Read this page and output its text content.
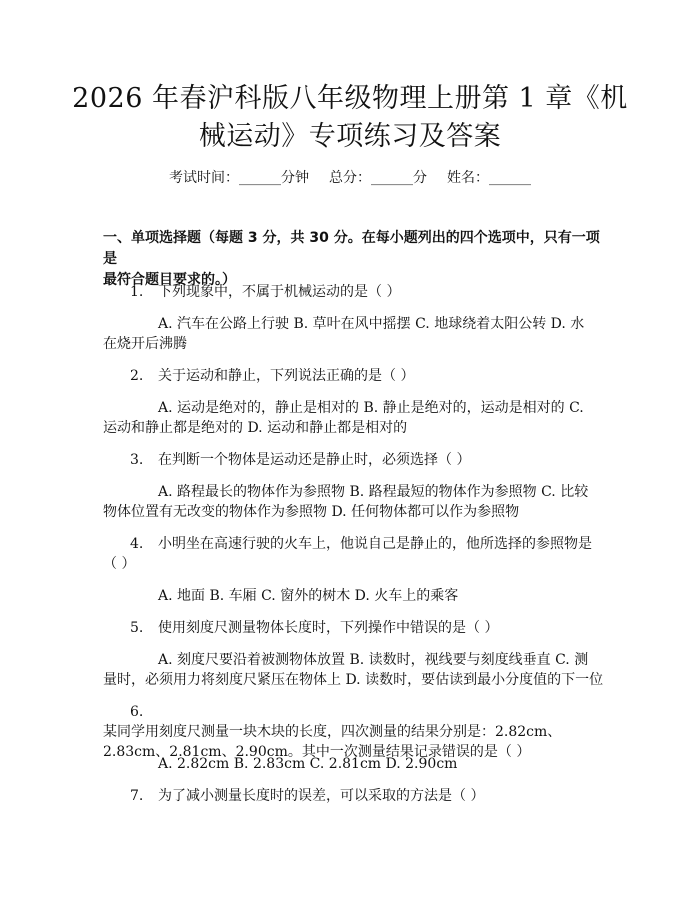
2026 年春沪科版八年级物理上册第 1 章《机
械运动》专项练习及答案
考试时间：______分钟 总分：______分 姓名：______
一、单项选择题（每题 3 分，共 30 分。在每小题列出的四个选项中，只有一项是
最符合题目要求的。）
1. 下列现象中，不属于机械运动的是（ ）
A. 汽车在公路上行驶 B. 草叶在风中摇摆 C. 地球绕着太阳公转 D. 水
在烧开后沸腾
2. 关于运动和静止，下列说法正确的是（ ）
A. 运动是绝对的，静止是相对的 B. 静止是绝对的，运动是相对的 C.
运动和静止都是绝对的 D. 运动和静止都是相对的
3. 在判断一个物体是运动还是静止时，必须选择（ ）
A. 路程最长的物体作为参照物 B. 路程最短的物体作为参照物 C. 比较
物体位置有无改变的物体作为参照物 D. 任何物体都可以作为参照物
4. 小明坐在高速行驶的火车上，他说自己是静止的，他所选择的参照物是
（ ）
A. 地面 B. 车厢 C. 窗外的树木 D. 火车上的乘客
5. 使用刻度尺测量物体长度时，下列操作中错误的是（ ）
A. 刻度尺要沿着被测物体放置 B. 读数时，视线要与刻度线垂直 C. 测
量时，必须用力将刻度尺紧压在物体上 D. 读数时，要估读到最小分度值的下一位
6.某同学用刻度尺测量一块木块的长度，四次测量的结果分别是：2.82cm、
2.83cm、2.81cm、2.90cm。其中一次测量结果记录错误的是（ ）
A. 2.82cm B. 2.83cm C. 2.81cm D. 2.90cm
7. 为了减小测量长度时的误差，可以采取的方法是（ ）
